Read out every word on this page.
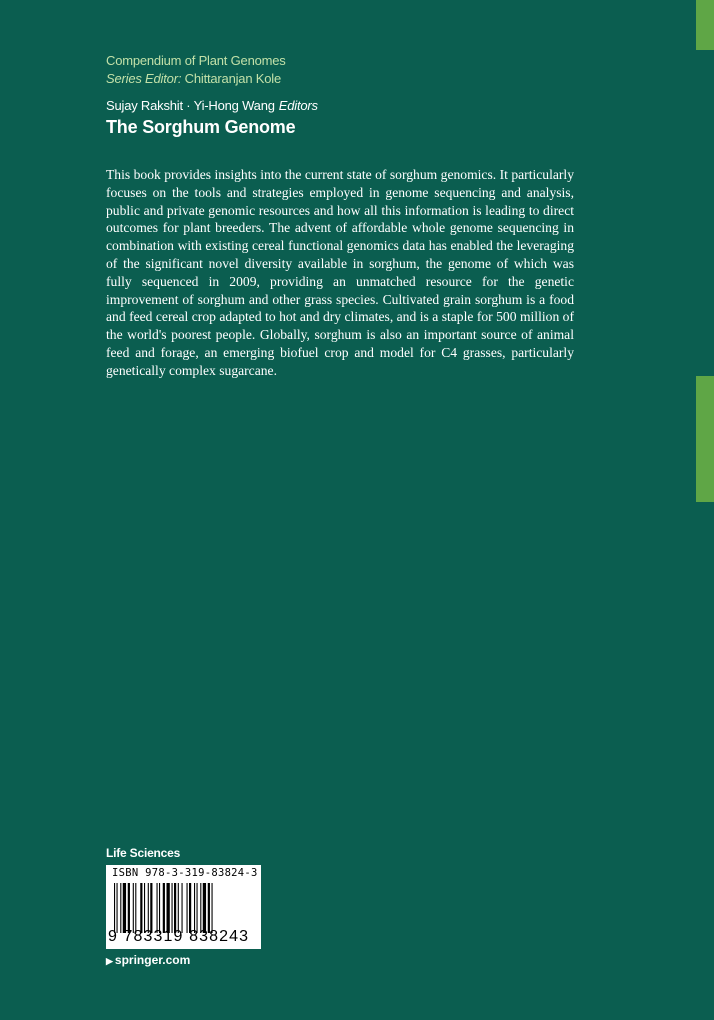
Compendium of Plant Genomes
Series Editor: Chittaranjan Kole
Sujay Rakshit · Yi-Hong Wang Editors
The Sorghum Genome

This book provides insights into the current state of sorghum genomics. It particularly focuses on the tools and strategies employed in genome sequencing and analysis, public and private genomic resources and how all this information is leading to direct outcomes for plant breeders. The advent of affordable whole genome sequencing in combination with existing cereal functional genomics data has enabled the leveraging of the significant novel diversity available in sorghum, the genome of which was fully sequenced in 2009, providing an unmatched resource for the genetic improvement of sorghum and other grass species. Cultivated grain sorghum is a food and feed cereal crop adapted to hot and dry climates, and is a staple for 500 million of the world's poorest people. Globally, sorghum is also an important source of animal feed and forage, an emerging biofuel crop and model for C4 grasses, particularly genetically complex sugarcane.

Life Sciences
ISBN 978-3-319-83824-3
9 783319 838243
▶ springer.com
